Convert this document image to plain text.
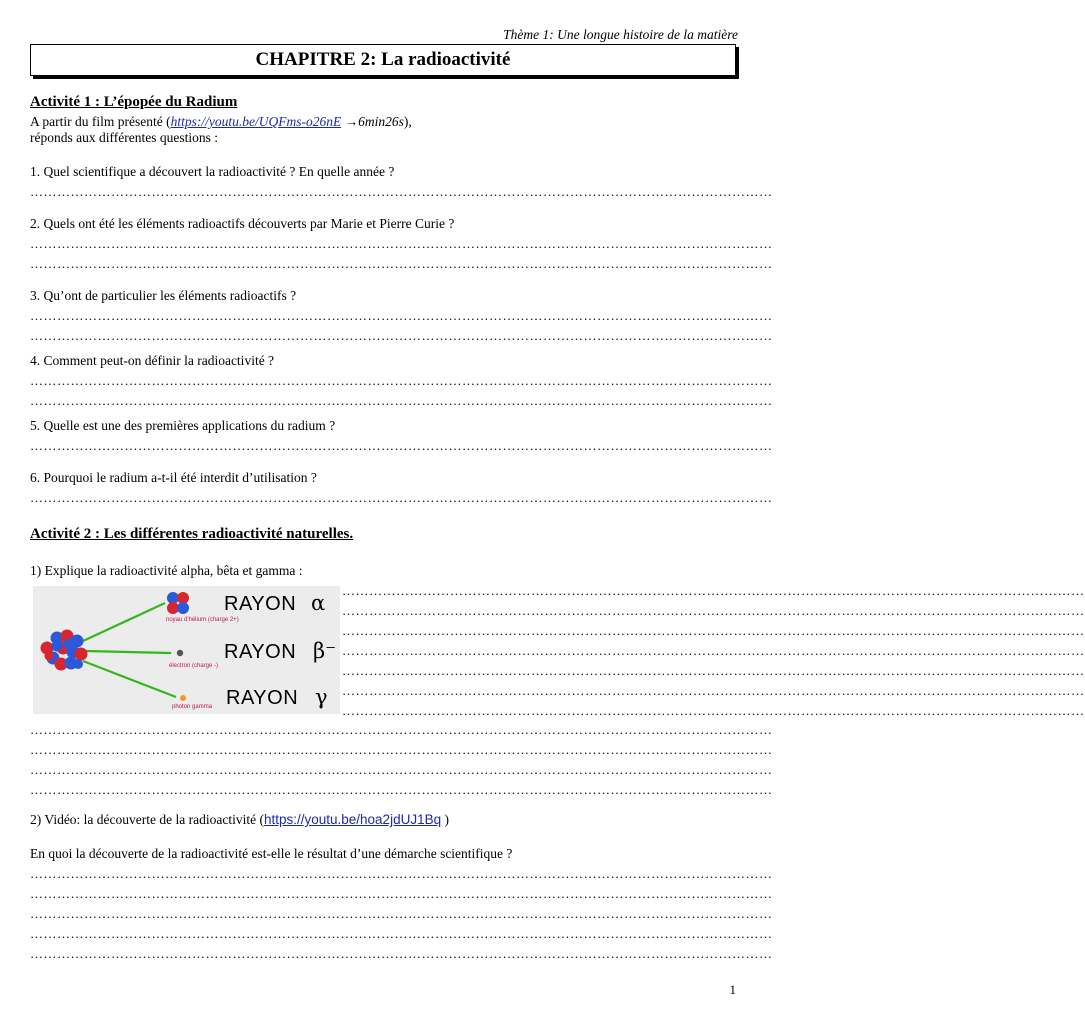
Thème 1: Une longue histoire de la matière
CHAPITRE 2: La radioactivité
Activité 1 : L’épopée du Radium
A partir du film présenté (https://youtu.be/UQFms-o26nE →6min26s),
réponds aux différentes questions :
1. Quel scientifique a découvert la radioactivité ? En quelle année ?
…………………………………………………………………………………………………………………………………………………
2. Quels ont été les éléments radioactifs découverts par Marie et Pierre Curie ?
…………………………………………………………………………………………………………………………………………………
…………………………………………………………………………………………………………………………………………………
3. Qu’ont de particulier les éléments radioactifs ?
…………………………………………………………………………………………………………………………………………………
…………………………………………………………………………………………………………………………………………………
4. Comment peut-on définir la radioactivité ?
…………………………………………………………………………………………………………………………………………………
…………………………………………………………………………………………………………………………………………………
5. Quelle est une des premières applications du radium ?
…………………………………………………………………………………………………………………………………………………
6. Pourquoi le radium a-t-il été interdit d’utilisation ?
…………………………………………………………………………………………………………………………………………………
Activité 2 : Les différentes radioactivité naturelles.
1) Explique la radioactivité alpha, bêta et gamma :
noyau d'hélium (charge 2+)
électron (charge -)
photon gamma
RAYON α
RAYON β⁻
RAYON γ
…………………………………………………………………………………………………………………………………………………
…………………………………………………………………………………………………………………………………………………
…………………………………………………………………………………………………………………………………………………
…………………………………………………………………………………………………………………………………………………
…………………………………………………………………………………………………………………………………………………
…………………………………………………………………………………………………………………………………………………
…………………………………………………………………………………………………………………………………………………
…………………………………………………………………………………………………………………………………………………
…………………………………………………………………………………………………………………………………………………
…………………………………………………………………………………………………………………………………………………
…………………………………………………………………………………………………………………………………………………
2) Vidéo: la découverte de la radioactivité (https://youtu.be/hoa2jdUJ1Bq )
En quoi la découverte de la radioactivité est-elle le résultat d’une démarche scientifique ?
…………………………………………………………………………………………………………………………………………………
…………………………………………………………………………………………………………………………………………………
…………………………………………………………………………………………………………………………………………………
…………………………………………………………………………………………………………………………………………………
…………………………………………………………………………………………………………………………………………………
1
